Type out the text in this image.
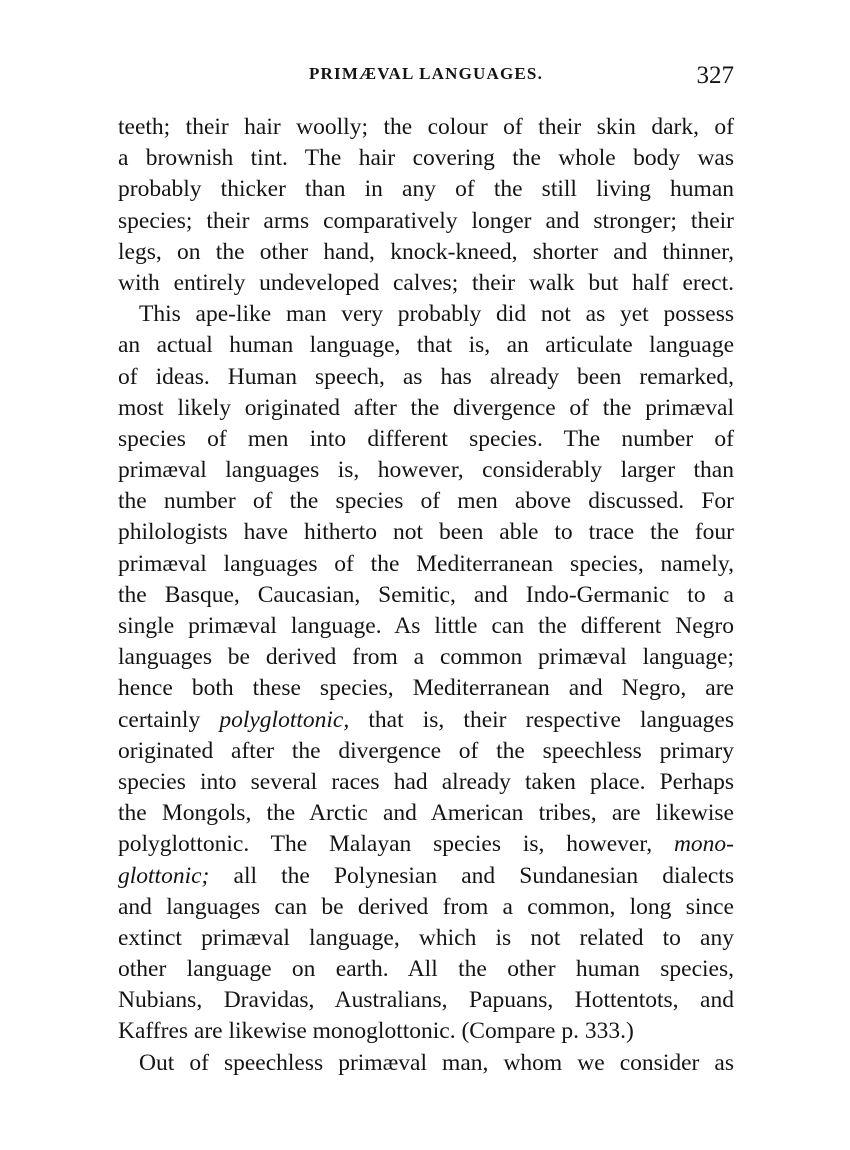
PRIMÆVAL LANGUAGES.	327
teeth; their hair woolly; the colour of their skin dark, of
a brownish tint. The hair covering the whole body was
probably thicker than in any of the still living human
species; their arms comparatively longer and stronger; their
legs, on the other hand, knock-kneed, shorter and thinner,
with entirely undeveloped calves; their walk but half erect.
This ape-like man very probably did not as yet possess
an actual human language, that is, an articulate language
of ideas. Human speech, as has already been remarked,
most likely originated after the divergence of the primæval
species of men into different species. The number of
primæval languages is, however, considerably larger than
the number of the species of men above discussed. For
philologists have hitherto not been able to trace the four
primæval languages of the Mediterranean species, namely,
the Basque, Caucasian, Semitic, and Indo-Germanic to a
single primæval language. As little can the different Negro
languages be derived from a common primæval language;
hence both these species, Mediterranean and Negro, are
certainly polyglottonic, that is, their respective languages
originated after the divergence of the speechless primary
species into several races had already taken place. Perhaps
the Mongols, the Arctic and American tribes, are likewise
polyglottonic. The Malayan species is, however, mono-
glottonic; all the Polynesian and Sundanesian dialects
and languages can be derived from a common, long since
extinct primæval language, which is not related to any
other language on earth. All the other human species,
Nubians, Dravidas, Australians, Papuans, Hottentots, and
Kaffres are likewise monoglottonic. (Compare p. 333.)
Out of speechless primæval man, whom we consider as
